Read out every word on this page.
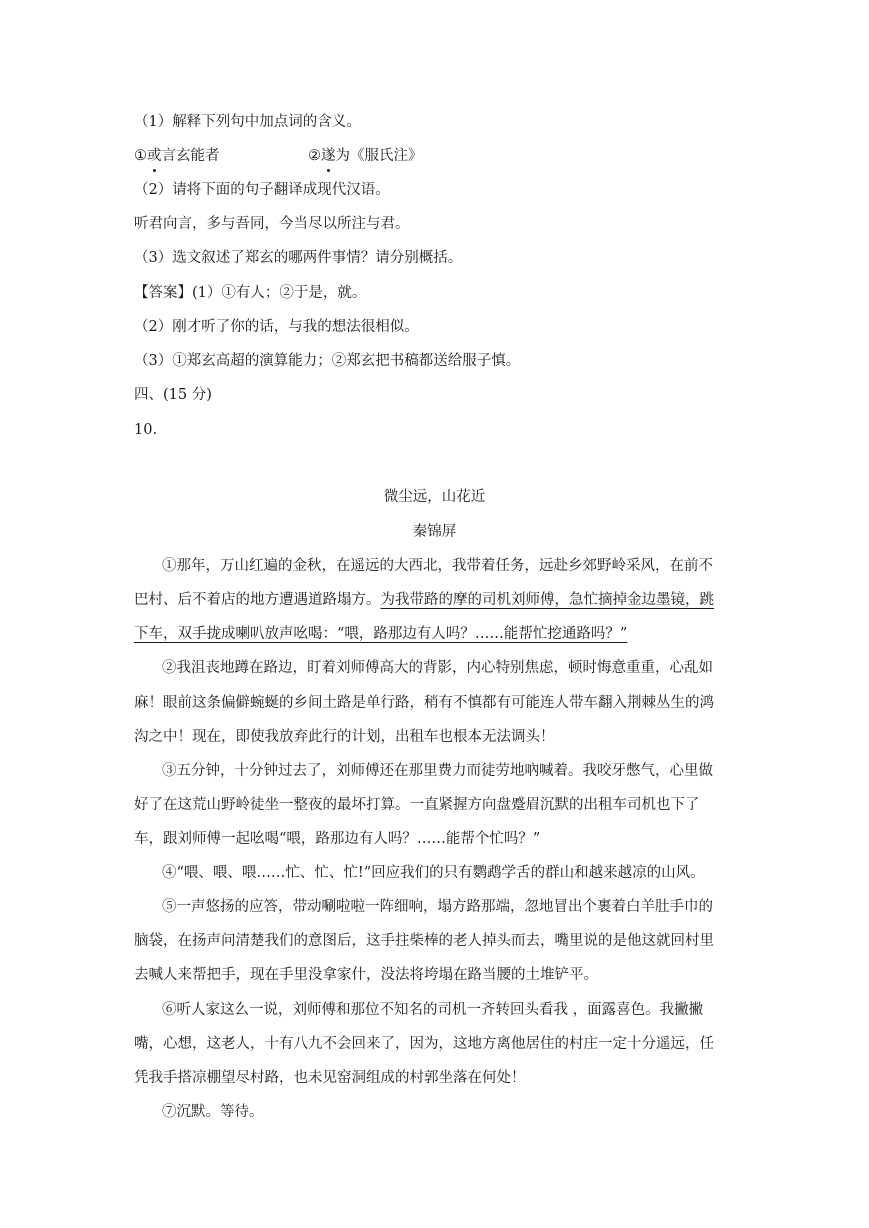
（1）解释下列句中加点词的含义。
①或言玄能者	②遂为《服氏注》
（2）请将下面的句子翻译成现代汉语。
听君向言，多与吾同，今当尽以所注与君。
（3）选文叙述了郑玄的哪两件事情？请分别概括。
【答案】(1）①有人；②于是，就。
（2）刚才听了你的话，与我的想法很相似。
（3）①郑玄高超的演算能力；②郑玄把书稿都送给服子慎。
四、(15 分)
10.
微尘远，山花近
秦锦屏
①那年，万山红遍的金秋，在遥远的大西北，我带着任务，远赴乡郊野岭采风，在前不
巴村、后不着店的地方遭遇道路塌方。为我带路的摩的司机刘师傅，急忙摘掉金边墨镜，跳
下车，双手拢成喇叭放声吆喝：“喂，路那边有人吗？……能帮忙挖通路吗？”
②我沮丧地蹲在路边，盯着刘师傅高大的背影，内心特别焦虑，顿时悔意重重，心乱如
麻！眼前这条偏僻蜿蜒的乡间土路是单行路，稍有不慎都有可能连人带车翻入荆棘丛生的鸿
沟之中！现在，即使我放弃此行的计划，出租车也根本无法调头！
③五分钟，十分钟过去了，刘师傅还在那里费力而徒劳地吶喊着。我咬牙憋气，心里做
好了在这荒山野岭徒坐一整夜的最坏打算。一直紧握方向盘蹙眉沉默的出租车司机也下了
车，跟刘师傅一起吆喝“喂，路那边有人吗？……能帮个忙吗？”
④“喂、喂、喂……忙、忙、忙!”回应我们的只有鹦鹉学舌的群山和越来越凉的山风。
⑤一声悠扬的应答，带动唰啦啦一阵细响，塌方路那端，忽地冒出个裹着白羊肚手巾的
脑袋，在扬声问清楚我们的意图后，这手拄柴棒的老人掉头而去，嘴里说的是他这就回村里
去喊人来帮把手，现在手里没拿家什，没法将垮塌在路当腰的土堆铲平。
⑥听人家这么一说，刘师傅和那位不知名的司机一齐转回头看我 ，面露喜色。我撇撇
嘴，心想，这老人，十有八九不会回来了，因为，这地方离他居住的村庄一定十分遥远，任
凭我手搭凉棚望尽村路，也未见窑洞组成的村郭坐落在何处！
⑦沉默。等待。
